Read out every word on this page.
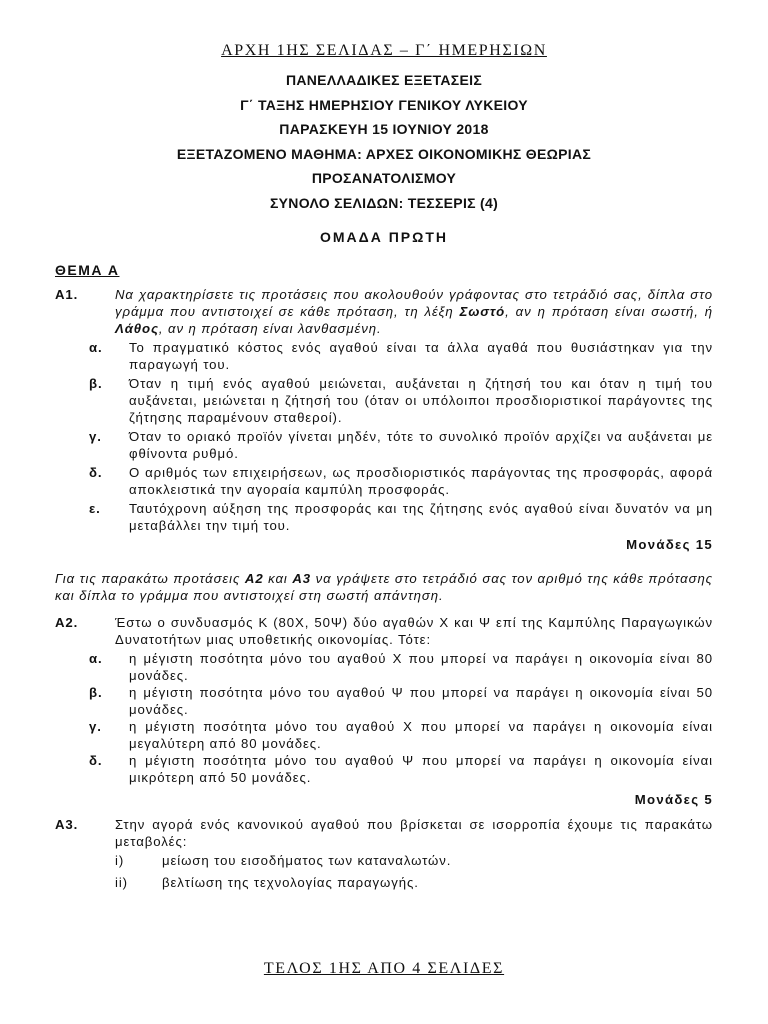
ΑΡΧΗ 1ΗΣ ΣΕΛΙΔΑΣ – Γ΄ ΗΜΕΡΗΣΙΩΝ
ΠΑΝΕΛΛΑΔΙΚΕΣ ΕΞΕΤΑΣΕΙΣ
Γ΄ ΤΑΞΗΣ ΗΜΕΡΗΣΙΟΥ ΓΕΝΙΚΟΥ ΛΥΚΕΙΟΥ
ΠΑΡΑΣΚΕΥΗ 15 ΙΟΥΝΙΟΥ 2018
ΕΞΕΤΑΖΟΜΕΝΟ ΜΑΘΗΜΑ: ΑΡΧΕΣ ΟΙΚΟΝΟΜΙΚΗΣ ΘΕΩΡΙΑΣ
ΠΡΟΣΑΝΑΤΟΛΙΣΜΟΥ
ΣΥΝΟΛΟ ΣΕΛΙΔΩΝ: ΤΕΣΣΕΡΙΣ (4)
ΟΜΑΔΑ ΠΡΩΤΗ
ΘΕΜΑ Α
Α1.	Να χαρακτηρίσετε τις προτάσεις που ακολουθούν γράφοντας στο τετράδιό σας, δίπλα στο γράμμα που αντιστοιχεί σε κάθε πρόταση, τη λέξη Σωστό, αν η πρόταση είναι σωστή, ή Λάθος, αν η πρόταση είναι λανθασμένη.
α.	Το πραγματικό κόστος ενός αγαθού είναι τα άλλα αγαθά που θυσιάστηκαν για την παραγωγή του.
β.	Όταν η τιμή ενός αγαθού μειώνεται, αυξάνεται η ζήτησή του και όταν η τιμή του αυξάνεται, μειώνεται η ζήτησή του (όταν οι υπόλοιποι προσδιοριστικοί παράγοντες της ζήτησης παραμένουν σταθεροί).
γ.	Όταν το οριακό προϊόν γίνεται μηδέν, τότε το συνολικό προϊόν αρχίζει να αυξάνεται με φθίνοντα ρυθμό.
δ.	Ο αριθμός των επιχειρήσεων, ως προσδιοριστικός παράγοντας της προσφοράς, αφορά αποκλειστικά την αγοραία καμπύλη προσφοράς.
ε.	Ταυτόχρονη αύξηση της προσφοράς και της ζήτησης ενός αγαθού είναι δυνατόν να μη μεταβάλλει την τιμή του.
Μονάδες 15
Για τις παρακάτω προτάσεις Α2 και Α3 να γράψετε στο τετράδιό σας τον αριθμό της κάθε πρότασης και δίπλα το γράμμα που αντιστοιχεί στη σωστή απάντηση.
Α2.	Έστω ο συνδυασμός Κ (80Χ, 50Ψ) δύο αγαθών Χ και Ψ επί της Καμπύλης Παραγωγικών Δυνατοτήτων μιας υποθετικής οικονομίας. Τότε:
α.	η μέγιστη ποσότητα μόνο του αγαθού Χ που μπορεί να παράγει η οικονομία είναι 80 μονάδες.
β.	η μέγιστη ποσότητα μόνο του αγαθού Ψ που μπορεί να παράγει η οικονομία είναι 50 μονάδες.
γ.	η μέγιστη ποσότητα μόνο του αγαθού Χ που μπορεί να παράγει η οικονομία είναι μεγαλύτερη από 80 μονάδες.
δ.	η μέγιστη ποσότητα μόνο του αγαθού Ψ που μπορεί να παράγει η οικονομία είναι μικρότερη από 50 μονάδες.
Μονάδες 5
Α3.	Στην αγορά ενός κανονικού αγαθού που βρίσκεται σε ισορροπία έχουμε τις παρακάτω μεταβολές:
i)	μείωση του εισοδήματος των καταναλωτών.
ii)	βελτίωση της τεχνολογίας παραγωγής.
ΤΕΛΟΣ 1ΗΣ ΑΠΟ 4 ΣΕΛΙΔΕΣ
